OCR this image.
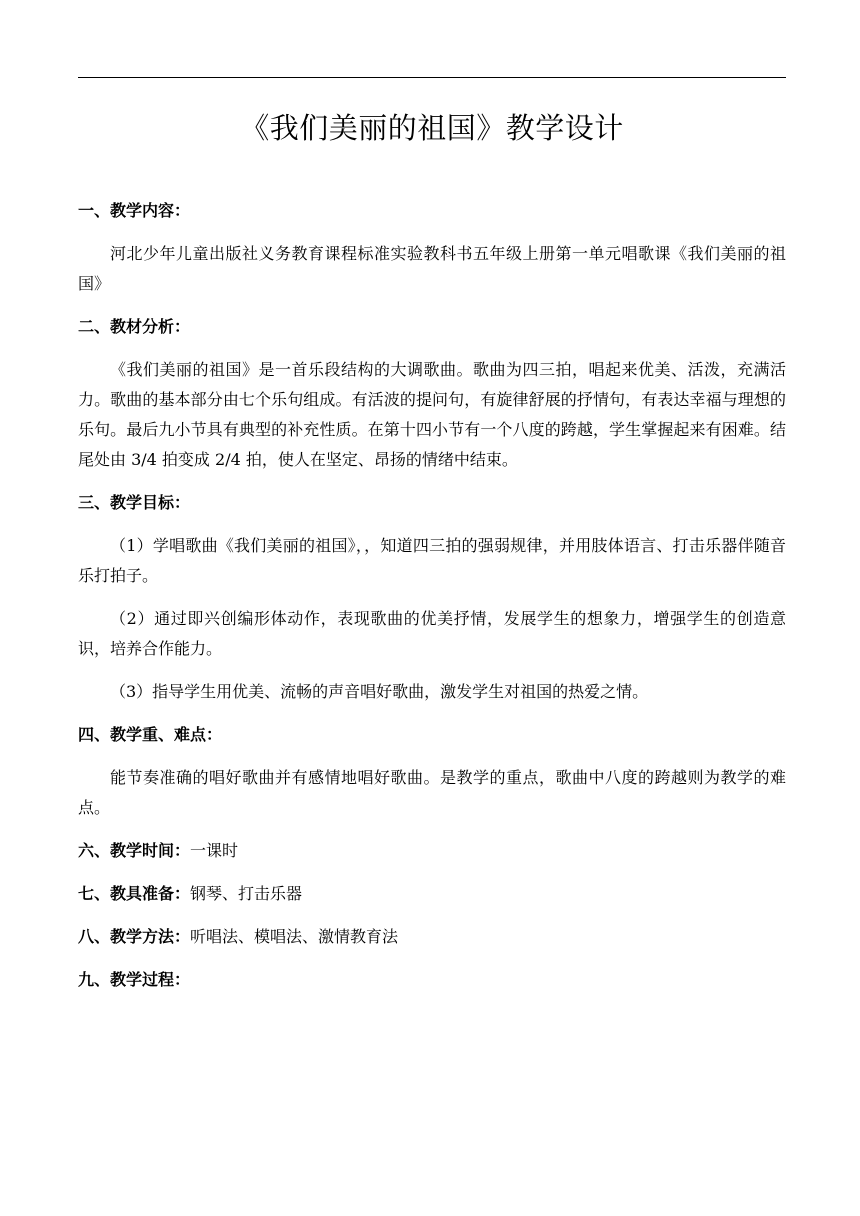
《我们美丽的祖国》教学设计
一、教学内容：
河北少年儿童出版社义务教育课程标准实验教科书五年级上册第一单元唱歌课《我们美丽的祖国》
二、教材分析：
《我们美丽的祖国》是一首乐段结构的大调歌曲。歌曲为四三拍，唱起来优美、活泼，充满活力。歌曲的基本部分由七个乐句组成。有活波的提问句，有旋律舒展的抒情句，有表达幸福与理想的乐句。最后九小节具有典型的补充性质。在第十四小节有一个八度的跨越，学生掌握起来有困难。结尾处由 3/4 拍变成 2/4 拍，使人在坚定、昂扬的情绪中结束。
三、教学目标：
（1）学唱歌曲《我们美丽的祖国》，，知道四三拍的强弱规律，并用肢体语言、打击乐器伴随音乐打拍子。
（2）通过即兴创编形体动作，表现歌曲的优美抒情，发展学生的想象力，增强学生的创造意识，培养合作能力。
（3）指导学生用优美、流畅的声音唱好歌曲，激发学生对祖国的热爱之情。
四、教学重、难点：
能节奏准确的唱好歌曲并有感情地唱好歌曲。是教学的重点，歌曲中八度的跨越则为教学的难点。
六、教学时间：一课时
七、教具准备：钢琴、打击乐器
八、教学方法：听唱法、模唱法、激情教育法
九、教学过程：
